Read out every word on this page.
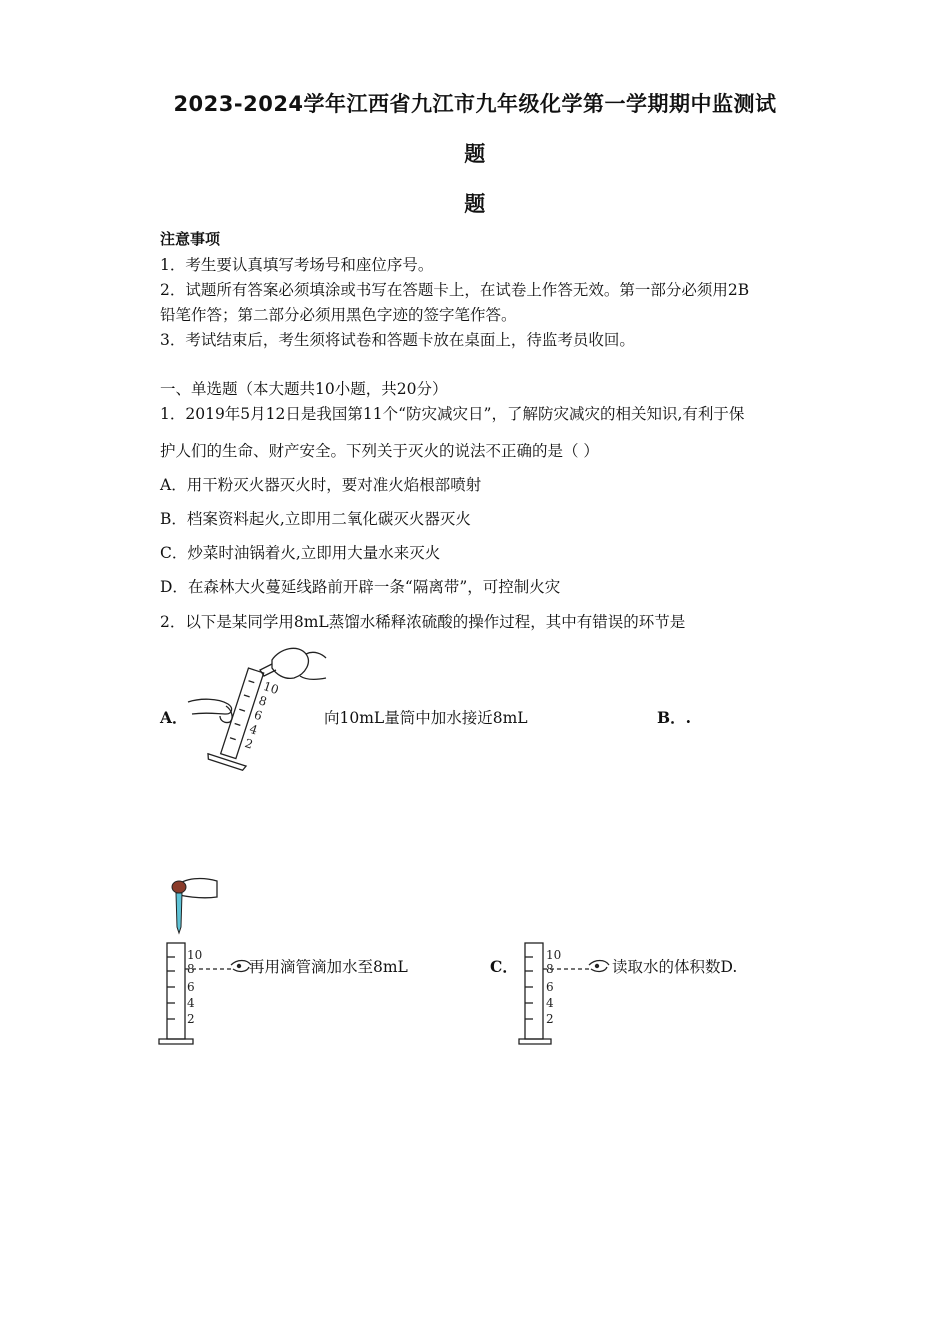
2023-2024学年江西省九江市九年级化学第一学期期中监测试
题
题
注意事项
1．考生要认真填写考场号和座位序号。
2．试题所有答案必须填涂或书写在答题卡上，在试卷上作答无效。第一部分必须用2B
铅笔作答；第二部分必须用黑色字迹的签字笔作答。
3．考试结束后，考生须将试卷和答题卡放在桌面上，待监考员收回。
一、单选题（本大题共10小题，共20分）
1．2019年5月12日是我国第11个“防灾减灾日”，了解防灾减灾的相关知识,有利于保
护人们的生命、财产安全。下列关于灭火的说法不正确的是（ ）
A．用干粉灭火器灭火时，要对准火焰根部喷射
B．档案资料起火,立即用二氧化碳灭火器灭火
C．炒菜时油锅着火,立即用大量水来灭火
D．在森林大火蔓延线路前开辟一条“隔离带”，可控制火灾
2．以下是某同学用8mL蒸馏水稀释浓硫酸的操作过程，其中有错误的环节是
A．	向10mL量筒中加水接近8mL	B．.
10
8
6
4
2
10
8
6
4
2
再用滴管滴加水至8mL	C．
10
8
6
4
2
读取水的体积数D.
